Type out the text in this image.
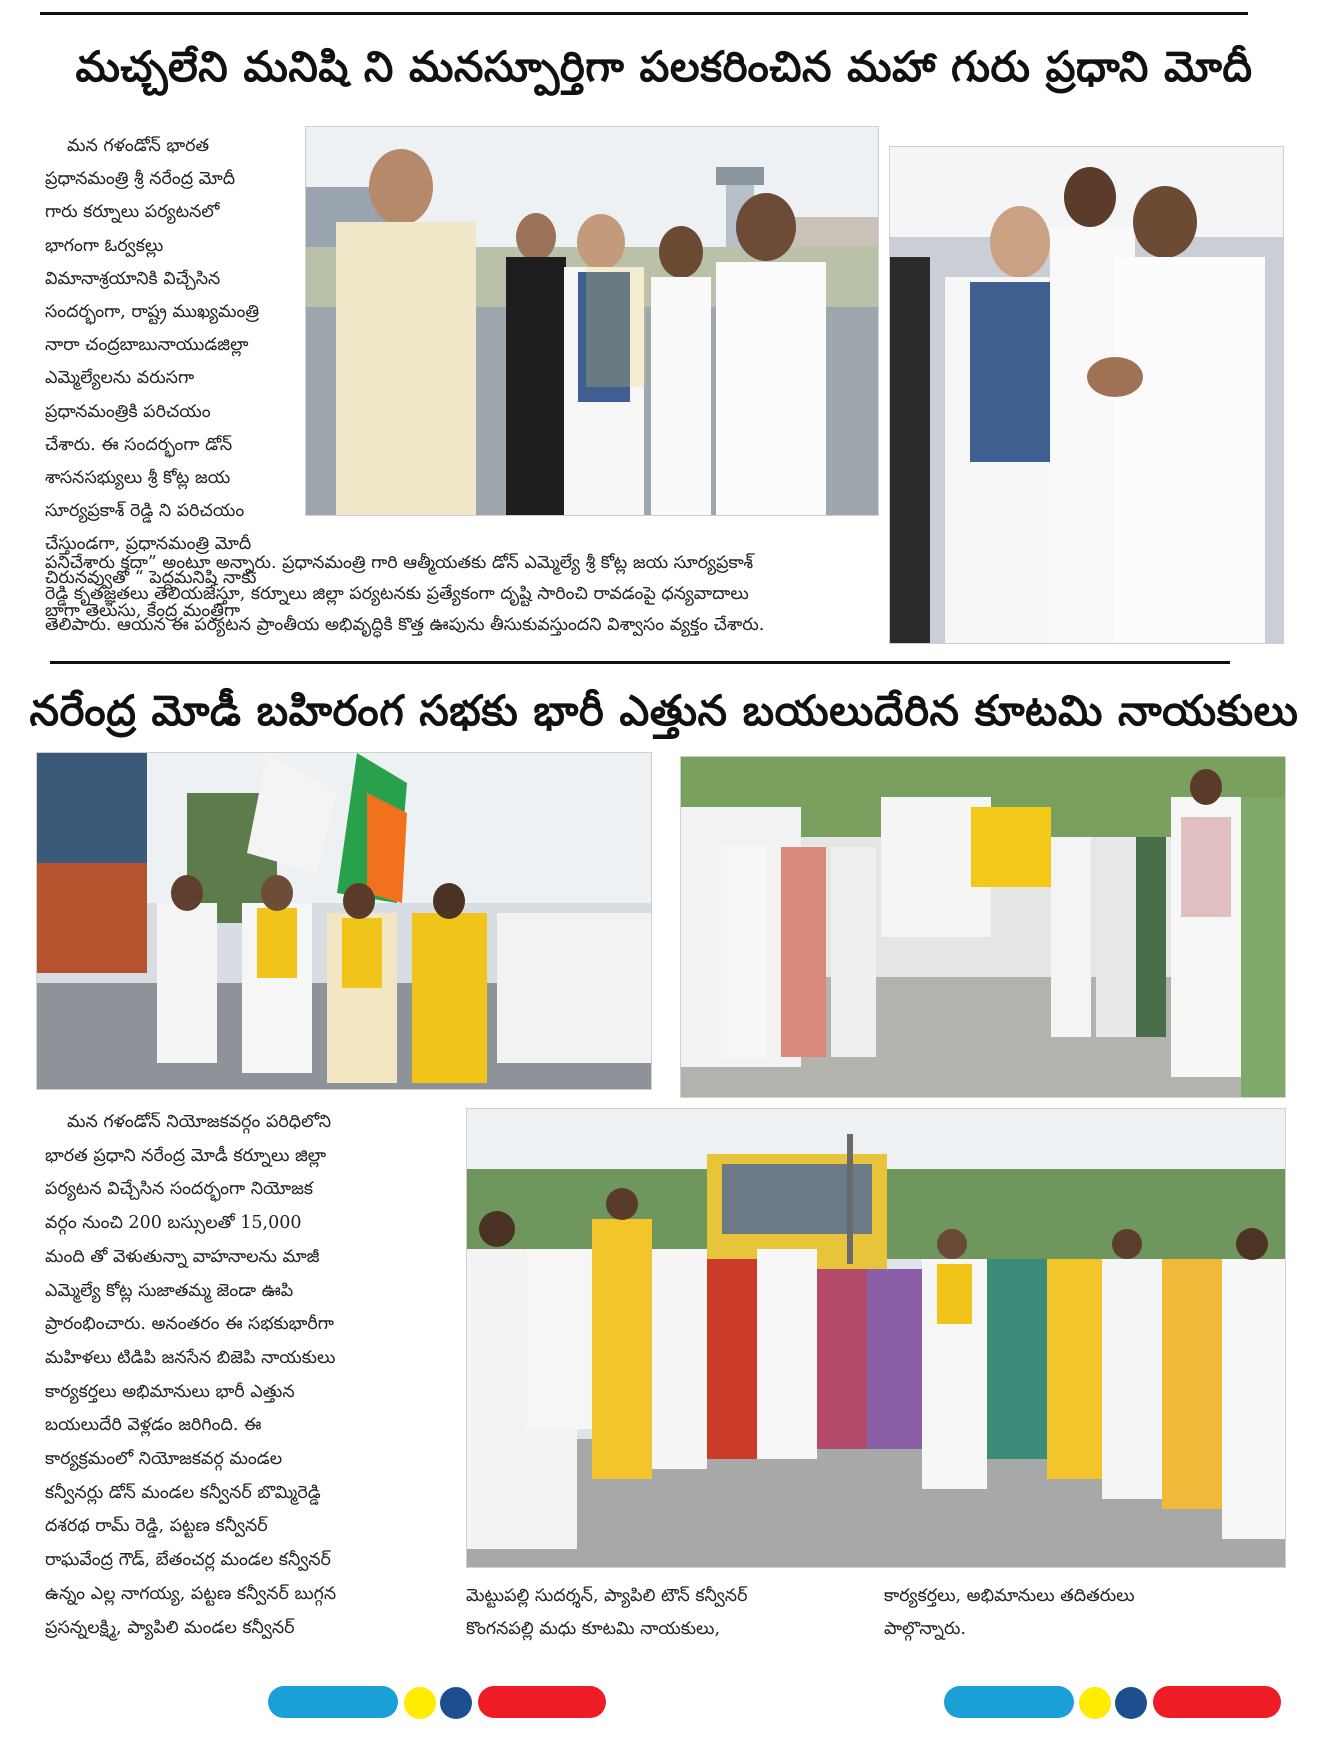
మచ్చలేని మనిషి ని మనస్పూర్తిగా పలకరించిన మహా గురు ప్రధాని మోదీ
మన గళండోన్ భారత
ప్రధానమంత్రి శ్రీ నరేంద్ర మోదీ
గారు కర్నూలు పర్యటనలో
భాగంగా ఓర్వకల్లు
విమానాశ్రయానికి విచ్చేసిన
సందర్భంగా, రాష్ట్ర ముఖ్యమంత్రి
నారా చంద్రబాబునాయుడజిల్లా
ఎమ్మెల్యేలను వరుసగా
ప్రధానమంత్రికి పరిచయం
చేశారు. ఈ సందర్భంగా డోన్
శాసనసభ్యులు శ్రీ కోట్ల జయ
సూర్యప్రకాశ్ రెడ్డి ని పరిచయం
చేస్తుండగా, ప్రధానమంత్రి మోదీ
చిరునవ్వుతో “ పెద్దమనిషి నాకు
బాగా తెలుసు, కేంద్ర మంత్రిగా
పనిచేశారు కదా” అంటూ అన్నారు. ప్రధానమంత్రి గారి ఆత్మీయతకు డోన్ ఎమ్మెల్యే శ్రీ కోట్ల జయ సూర్యప్రకాశ్
రెడ్డి కృతజ్ఞతలు తెలియజేస్తూ, కర్నూలు జిల్లా పర్యటనకు ప్రత్యేకంగా దృష్టి సారించి రావడంపై ధన్యవాదాలు
తెలిపారు. ఆయన ఈ పర్యటన ప్రాంతీయ అభివృద్ధికి కొత్త ఊపును తీసుకువస్తుందని విశ్వాసం వ్యక్తం చేశారు.
నరేంద్ర మోడీ బహిరంగ సభకు భారీ ఎత్తున బయలుదేరిన కూటమి నాయకులు
మన గళండోన్ నియోజకవర్గం పరిధిలోని
భారత ప్రధాని నరేంద్ర మోడీ కర్నూలు జిల్లా
పర్యటన విచ్చేసిన సందర్భంగా నియోజక
వర్గం నుంచి 200 బస్సులతో 15,000
మంది తో వెళుతున్నా వాహనాలను మాజీ
ఎమ్మెల్యే కోట్ల సుజాతమ్మ జెండా ఊపి
ప్రారంభించారు. అనంతరం ఈ సభకుభారీగా
మహిళలు టిడిపి జనసేన బిజెపి నాయకులు
కార్యకర్తలు అభిమానులు భారీ ఎత్తున
బయలుదేరి వెళ్లడం జరిగింది. ఈ
కార్యక్రమంలో నియోజకవర్గ మండల
కన్వీనర్లు డోన్ మండల కన్వీనర్ బొమ్మిరెడ్డి
దశరథ రామ్ రెడ్డి, పట్టణ కన్వీనర్
రాఘవేంద్ర గౌడ్, బేతంచర్ల మండల కన్వీనర్
ఉన్నం ఎల్ల నాగయ్య, పట్టణ కన్వీనర్ బుగ్గన
ప్రసన్నలక్ష్మి, ప్యాపిలి మండల కన్వీనర్
మెట్టుపల్లి సుదర్శన్, ప్యాపిలి టౌన్ కన్వీనర్
కొంగనపల్లి మధు కూటమి నాయకులు,
కార్యకర్తలు, అభిమానులు తదితరులు
పాల్గొన్నారు.
